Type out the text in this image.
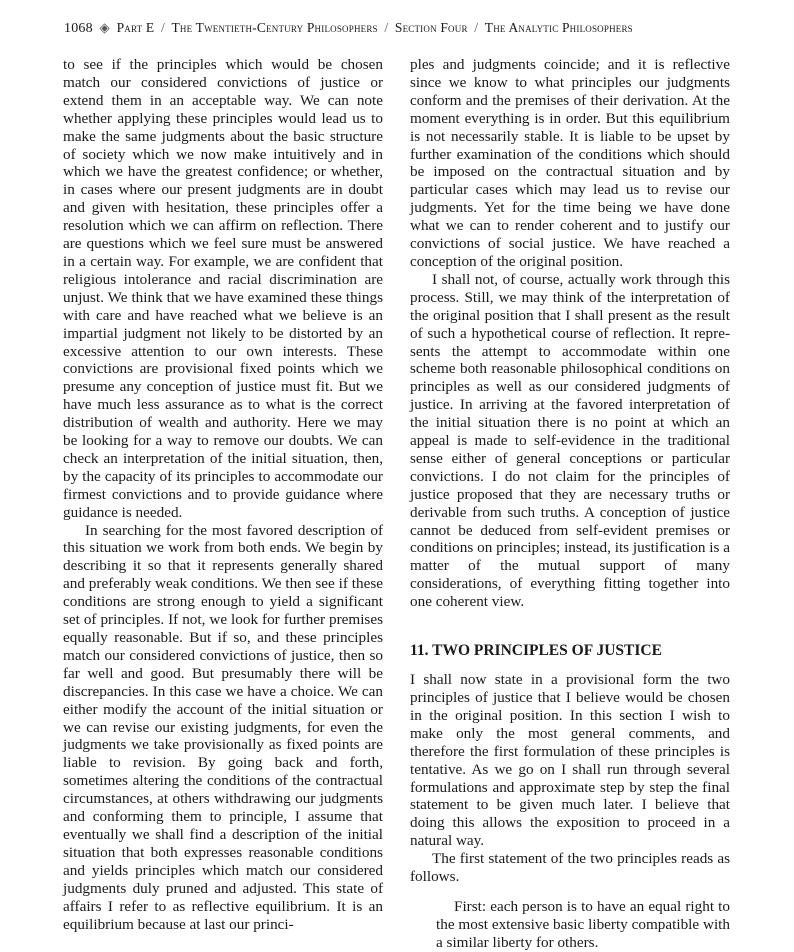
1068 ◈ Part E / The Twentieth-Century Philosophers / Section Four / The Analytic Philosophers

to see if the principles which would be chosen match our considered convictions of justice or extend them in an acceptable way. We can note whether applying these principles would lead us to make the same judgments about the basic structure of society which we now make intuitively and in which we have the greatest confidence; or whether, in cases where our present judgments are in doubt and given with hesitation, these principles offer a resolution which we can affirm on reflection. There are questions which we feel sure must be answered in a certain way. For example, we are confident that religious intolerance and racial discrimination are unjust. We think that we have examined these things with care and have reached what we believe is an impartial judgment not likely to be distorted by an excessive attention to our own interests. These convictions are provisional fixed points which we presume any conception of justice must fit. But we have much less assurance as to what is the correct distribution of wealth and authority. Here we may be looking for a way to remove our doubts. We can check an interpretation of the initial situation, then, by the capacity of its principles to accommodate our firmest convictions and to provide guidance where guidance is needed.

In searching for the most favored description of this situation we work from both ends. We begin by describing it so that it represents generally shared and preferably weak conditions. We then see if these conditions are strong enough to yield a significant set of principles. If not, we look for further premises equally reasonable. But if so, and these principles match our considered convictions of justice, then so far well and good. But presumably there will be discrepancies. In this case we have a choice. We can either modify the account of the initial situation or we can revise our existing judgments, for even the judgments we take provisionally as fixed points are liable to revision. By going back and forth, sometimes altering the conditions of the contractual circumstances, at others withdrawing our judgments and conforming them to principle, I assume that eventually we shall find a description of the initial situation that both expresses reasonable conditions and yields principles which match our considered judgments duly pruned and adjusted. This state of affairs I refer to as reflective equilibrium. It is an equilibrium because at last our princi-

ples and judgments coincide; and it is reflective since we know to what principles our judgments conform and the premises of their derivation. At the moment everything is in order. But this equilibrium is not necessarily stable. It is liable to be upset by further examination of the conditions which should be imposed on the contractual situation and by particular cases which may lead us to revise our judgments. Yet for the time being we have done what we can to render coherent and to justify our convictions of social justice. We have reached a conception of the original position.

I shall not, of course, actually work through this process. Still, we may think of the interpretation of the original position that I shall present as the result of such a hypothetical course of reflection. It represents the attempt to accommodate within one scheme both reasonable philosophical conditions on principles as well as our considered judgments of justice. In arriving at the favored interpretation of the initial situation there is no point at which an appeal is made to self-evidence in the traditional sense either of general conceptions or particular convictions. I do not claim for the principles of justice proposed that they are necessary truths or derivable from such truths. A conception of justice cannot be deduced from self-evident premises or conditions on principles; instead, its justification is a matter of the mutual support of many considerations, of everything fitting together into one coherent view.

11. TWO PRINCIPLES OF JUSTICE

I shall now state in a provisional form the two principles of justice that I believe would be chosen in the original position. In this section I wish to make only the most general comments, and therefore the first formulation of these principles is tentative. As we go on I shall run through several formulations and approximate step by step the final statement to be given much later. I believe that doing this allows the exposition to proceed in a natural way.

The first statement of the two principles reads as follows.

First: each person is to have an equal right to the most extensive basic liberty compatible with a similar liberty for others.
